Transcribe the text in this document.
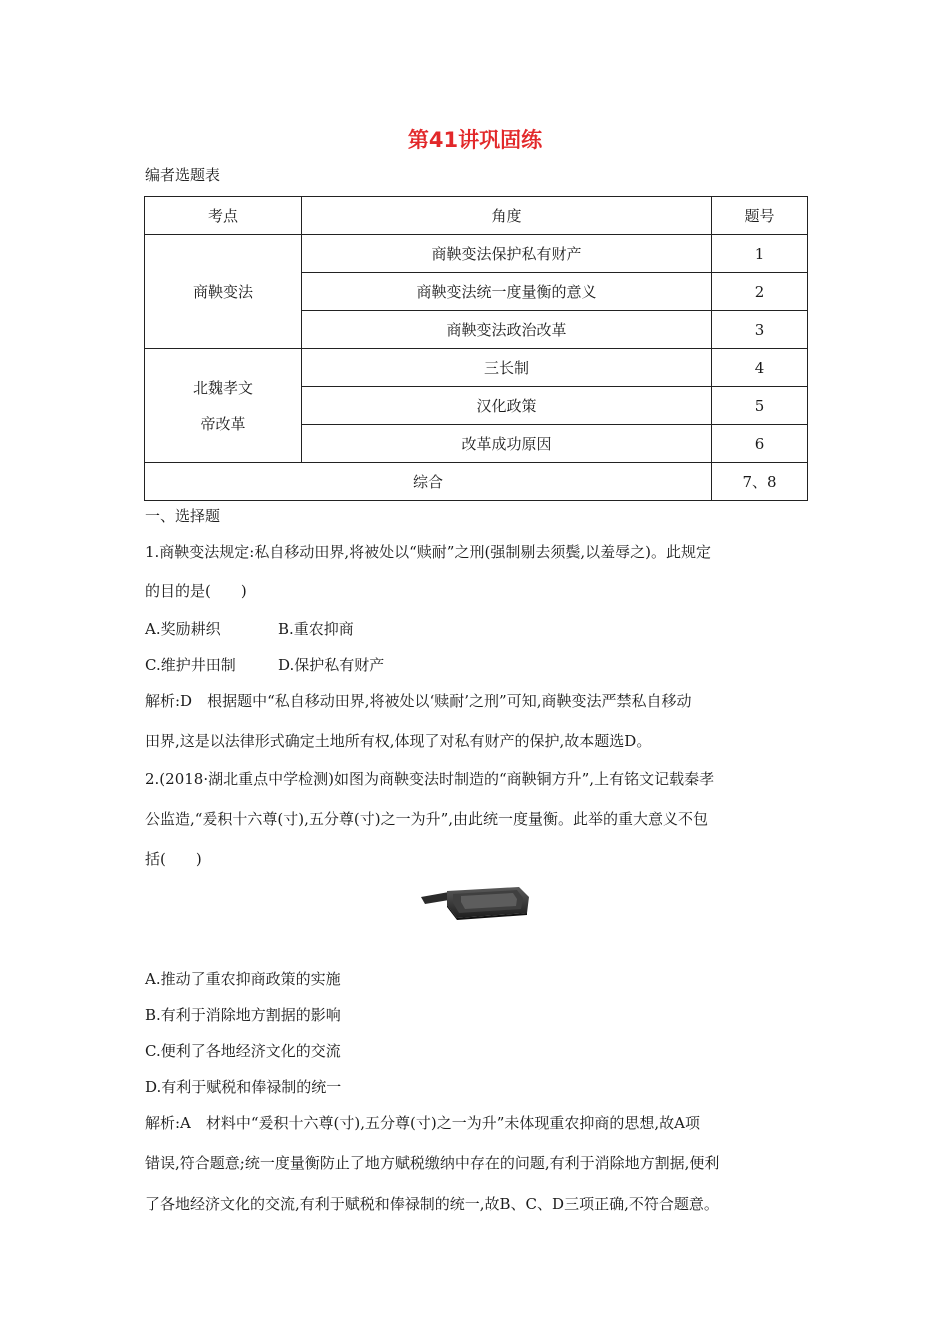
第41讲巩固练
编者选题表
考点	角度	题号
商鞅变法	商鞅变法保护私有财产	1
	商鞅变法统一度量衡的意义	2
	商鞅变法政治改革	3

北魏孝文
帝改革	三长制	4
	汉化政策	5
	改革成功原因	6
综合		7、8
一、选择题
1.商鞅变法规定:私自移动田界,将被处以“赎耐”之刑(强制剔去须鬓,以羞辱之)。此规定
的目的是(　　)
A.奖励耕织	B.重农抑商
C.维护井田制	D.保护私有财产
解析:D　根据题中“私自移动田界,将被处以‘赎耐’之刑”可知,商鞅变法严禁私自移动
田界,这是以法律形式确定土地所有权,体现了对私有财产的保护,故本题选D。
2.(2018·湖北重点中学检测)如图为商鞅变法时制造的“商鞅铜方升”,上有铭文记载秦孝
公监造,“爰积十六尊(寸),五分尊(寸)之一为升”,由此统一度量衡。此举的重大意义不包
括(　　)
A.推动了重农抑商政策的实施
B.有利于消除地方割据的影响
C.便利了各地经济文化的交流
D.有利于赋税和俸禄制的统一
解析:A　材料中“爰积十六尊(寸),五分尊(寸)之一为升”未体现重农抑商的思想,故A项
错误,符合题意;统一度量衡防止了地方赋税缴纳中存在的问题,有利于消除地方割据,便利
了各地经济文化的交流,有利于赋税和俸禄制的统一,故B、C、D三项正确,不符合题意。
